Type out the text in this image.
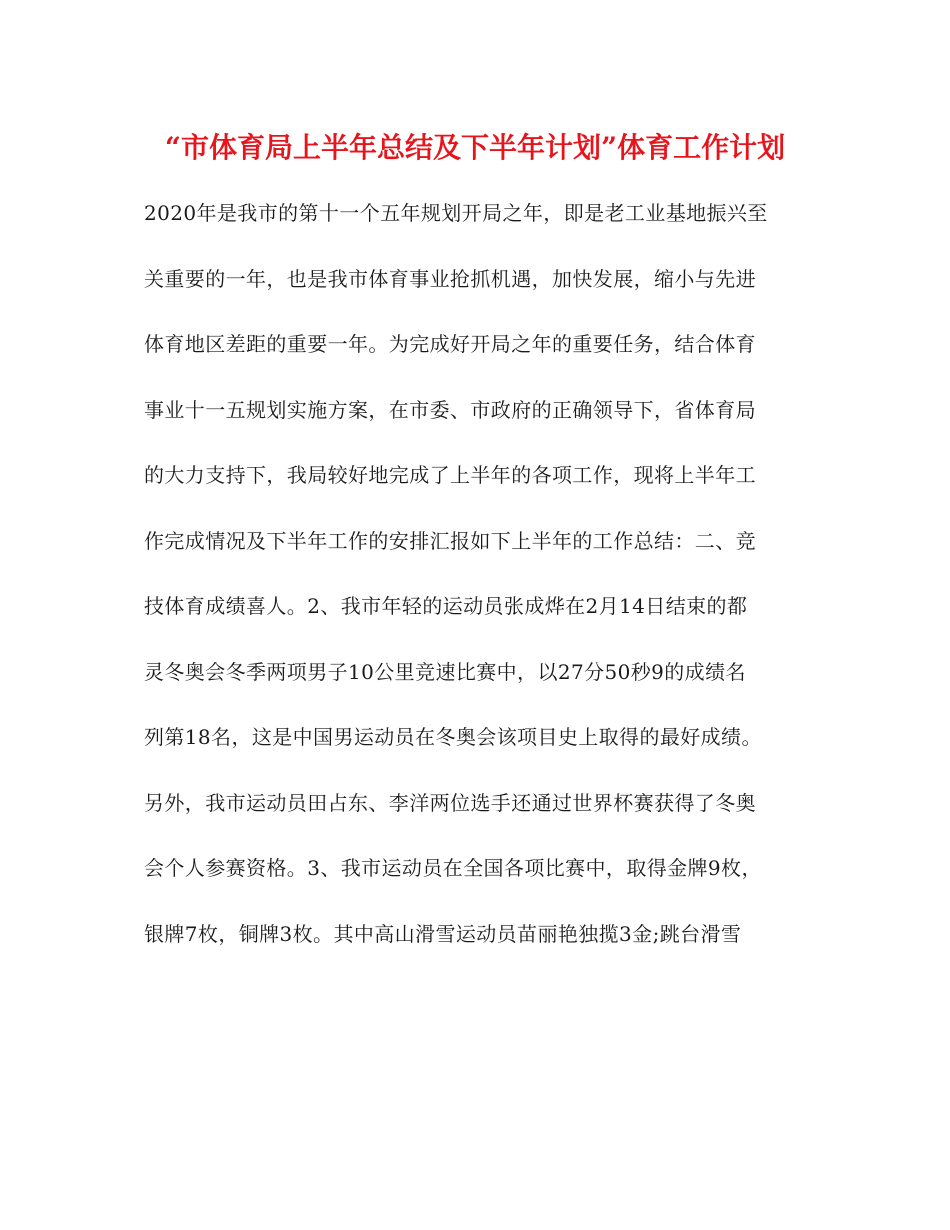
“市体育局上半年总结及下半年计划”体育工作计划
2020年是我市的第十一个五年规划开局之年，即是老工业基地振兴至
关重要的一年，也是我市体育事业抢抓机遇，加快发展，缩小与先进
体育地区差距的重要一年。为完成好开局之年的重要任务，结合体育
事业十一五规划实施方案，在市委、市政府的正确领导下，省体育局
的大力支持下，我局较好地完成了上半年的各项工作，现将上半年工
作完成情况及下半年工作的安排汇报如下上半年的工作总结：二、竞
技体育成绩喜人。2、我市年轻的运动员张成烨在2月14日结束的都
灵冬奥会冬季两项男子10公里竞速比赛中，以27分50秒9的成绩名
列第18名，这是中国男运动员在冬奥会该项目史上取得的最好成绩。
另外，我市运动员田占东、李洋两位选手还通过世界杯赛获得了冬奥
会个人参赛资格。3、我市运动员在全国各项比赛中，取得金牌9枚，
银牌7枚，铜牌3枚。其中高山滑雪运动员苗丽艳独揽3金;跳台滑雪
